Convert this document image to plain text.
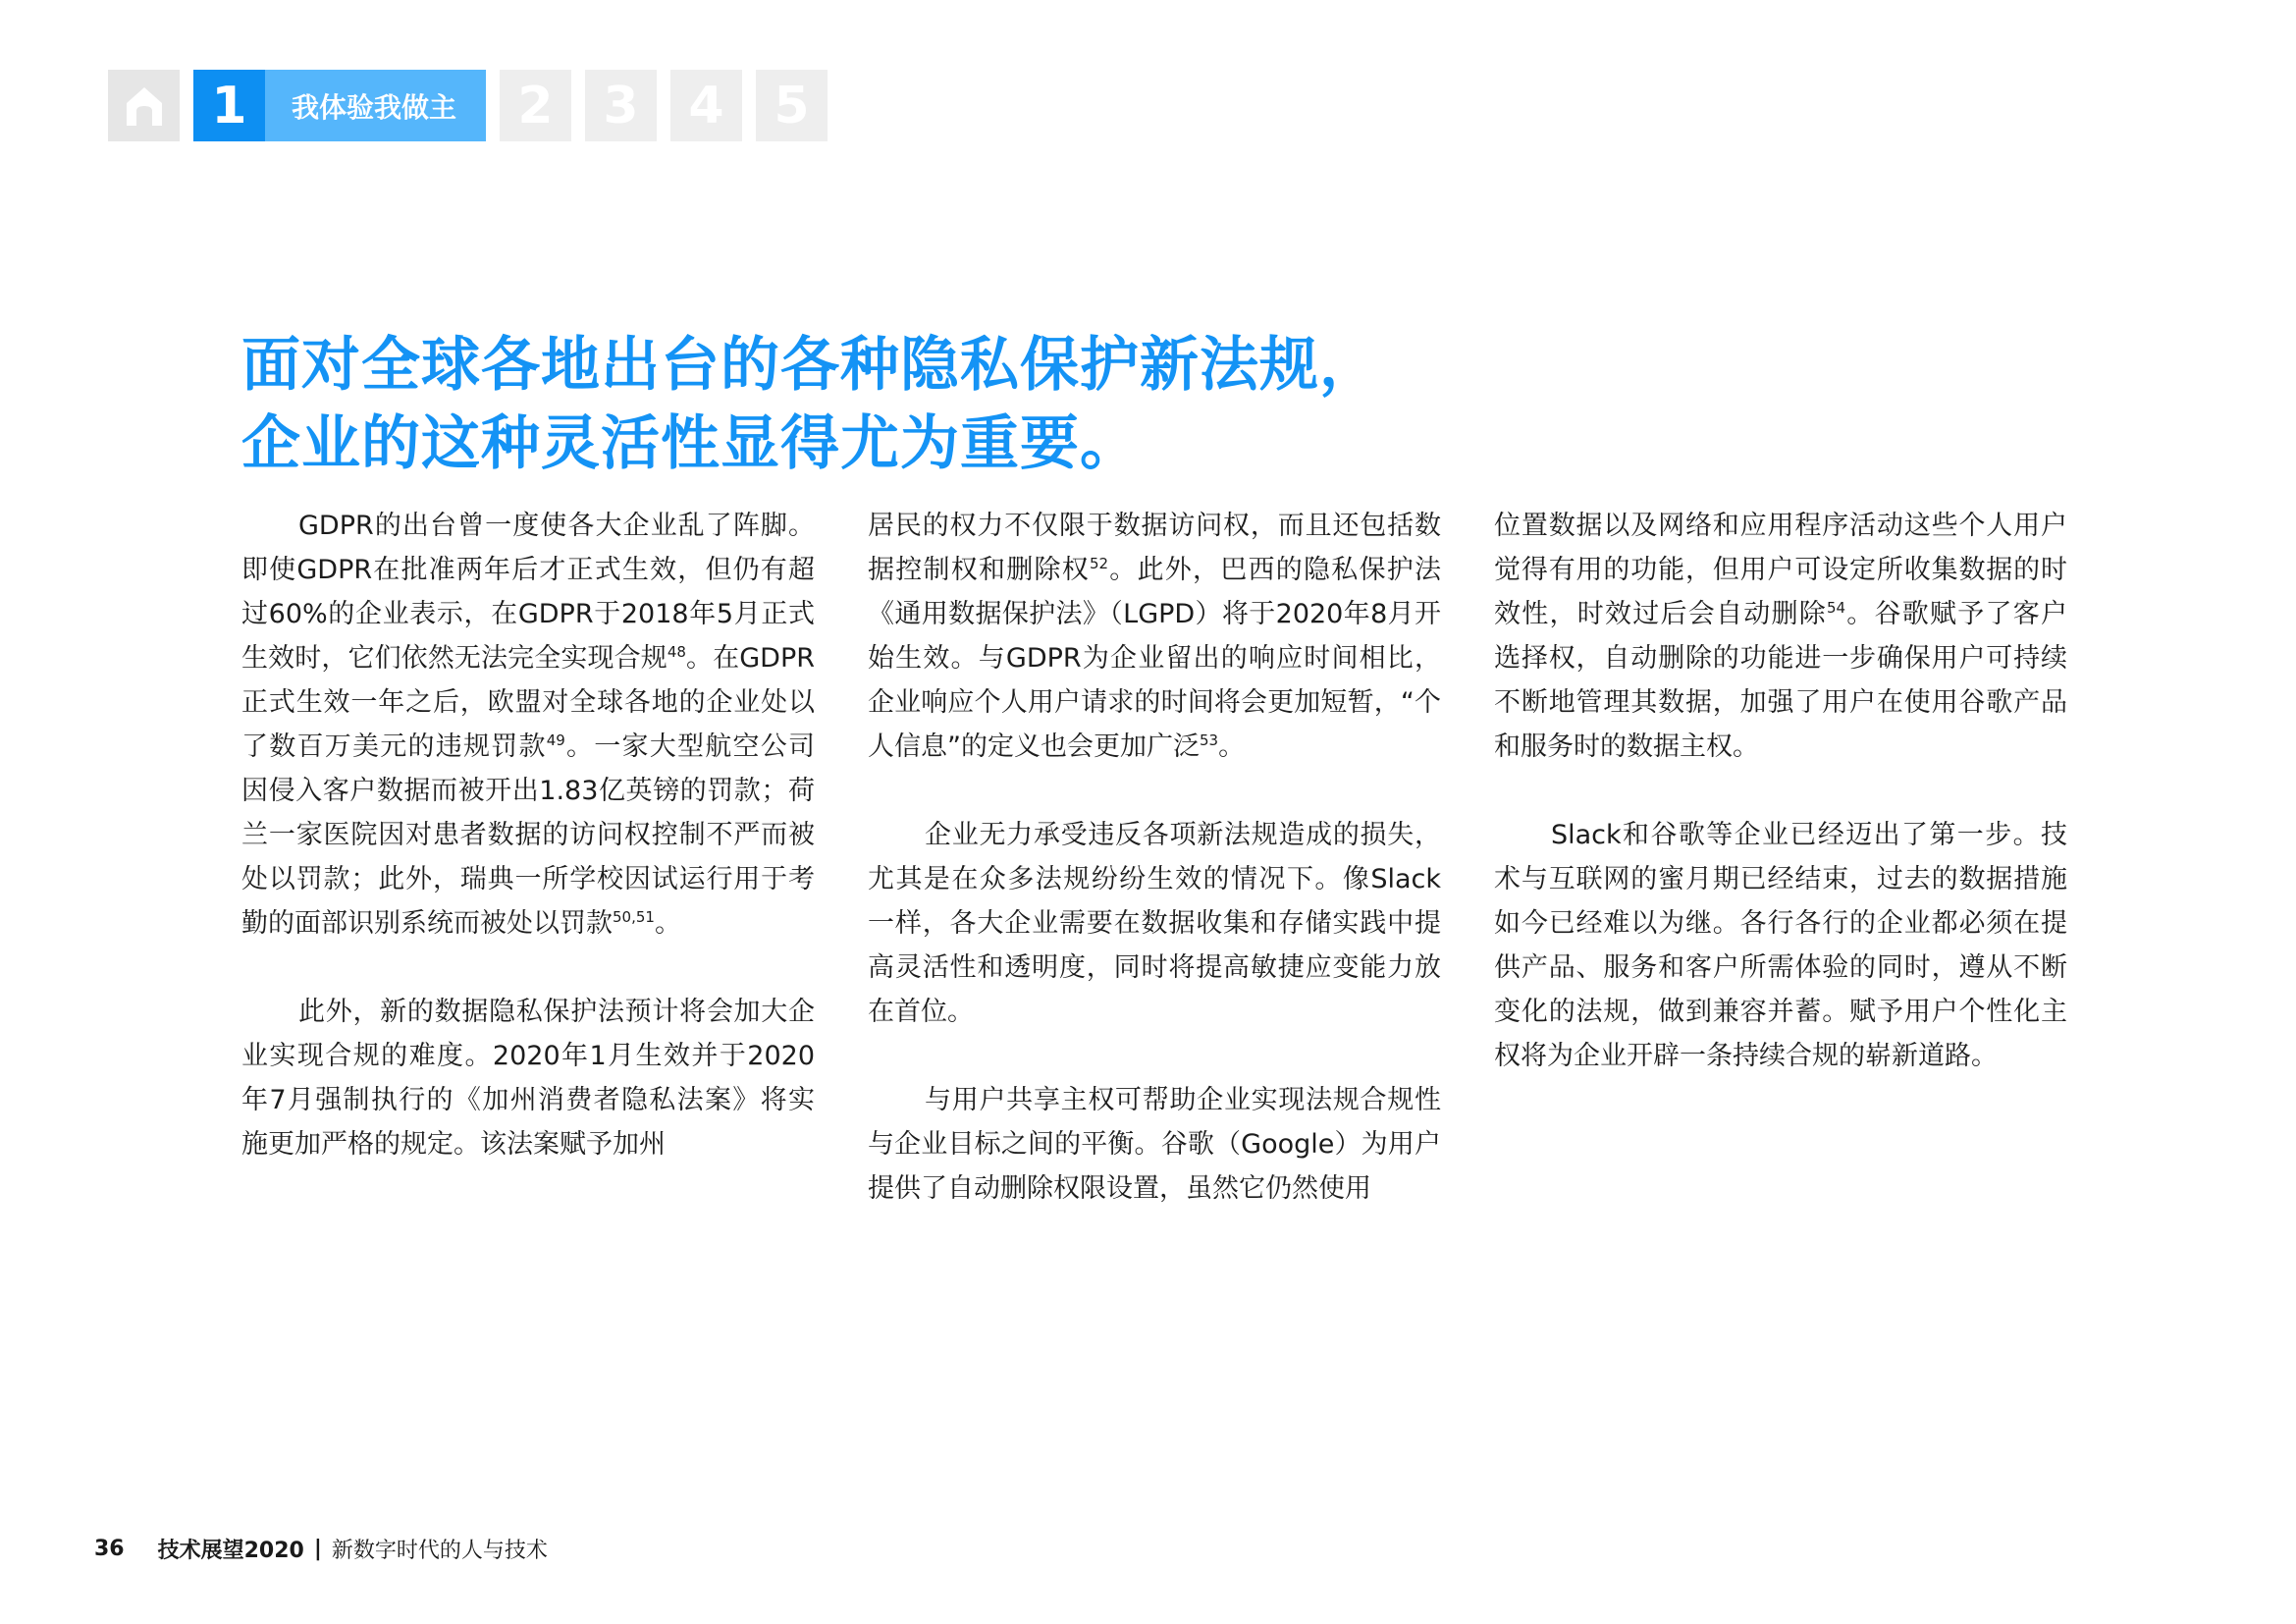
1	我体验我做主	2 3 4 5
面对全球各地出台的各种隐私保护新法规，
企业的这种灵活性显得尤为重要。

GDPR的出台曾一度使各大企业乱了阵脚。即使GDPR在批准两年后才正式生效，但仍有超过60%的企业表示，在GDPR于2018年5月正式生效时，它们依然无法完全实现合规$^{48}$。在GDPR正式生效一年之后，欧盟对全球各地的企业处以了数百万美元的违规罚款$^{49}$。一家大型航空公司因侵入客户数据而被开出1.83亿英镑的罚款；荷兰一家医院因对患者数据的访问权控制不严而被处以罚款；此外，瑞典一所学校因试运行用于考勤的面部识别系统而被处以罚款$^{50,51}$。

此外，新的数据隐私保护法预计将会加大企业实现合规的难度。2020年1月生效并于2020年7月强制执行的《加州消费者隐私法案》将实施更加严格的规定。该法案赋予加州

居民的权力不仅限于数据访问权，而且还包括数据控制权和删除权$^{52}$。此外，巴西的隐私保护法《通用数据保护法》（LGPD）将于2020年8月开始生效。与GDPR为企业留出的响应时间相比，企业响应个人用户请求的时间将会更加短暂，“个人信息”的定义也会更加广泛$^{53}$。

企业无力承受违反各项新法规造成的损失，尤其是在众多法规纷纷生效的情况下。像Slack一样，各大企业需要在数据收集和存储实践中提高灵活性和透明度，同时将提高敏捷应变能力放在首位。

与用户共享主权可帮助企业实现法规合规性与企业目标之间的平衡。谷歌（Google）为用户提供了自动删除权限设置，虽然它仍然使用

位置数据以及网络和应用程序活动这些个人用户觉得有用的功能，但用户可设定所收集数据的时效性，时效过后会自动删除$^{54}$。谷歌赋予了客户选择权，自动删除的功能进一步确保用户可持续不断地管理其数据，加强了用户在使用谷歌产品和服务时的数据主权。

Slack和谷歌等企业已经迈出了第一步。技术与互联网的蜜月期已经结束，过去的数据措施如今已经难以为继。各行各行的企业都必须在提供产品、服务和客户所需体验的同时，遵从不断变化的法规，做到兼容并蓄。赋予用户个性化主权将为企业开辟一条持续合规的崭新道路。

36 技术展望2020 | 新数字时代的人与技术
